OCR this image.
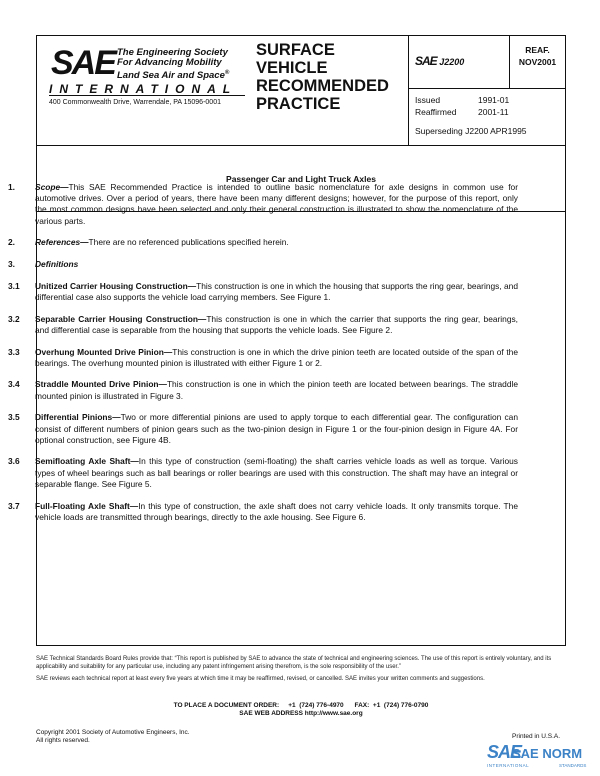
SAE The Engineering Society
For Advancing Mobility
Land Sea Air and Space®
INTERNATIONAL
400 Commonwealth Drive, Warrendale, PA 15096-0001
SURFACE
VEHICLE
RECOMMENDED
PRACTICE
SAE J2200
REAF.
NOV2001
Issued	1991-01
Reaffirmed	2001-11
Superseding J2200 APR1995
Passenger Car and Light Truck Axles
1. Scope—This SAE Recommended Practice is intended to outline basic nomenclature for axle designs in common use for automotive drives. Over a period of years, there have been many different designs; however, for the purpose of this report, only the most common designs have been selected and only their general construction is illustrated to show the nomenclature of the various parts.
2. References—There are no referenced publications specified herein.
3. Definitions
3.1 Unitized Carrier Housing Construction—This construction is one in which the housing that supports the ring gear, bearings, and differential case also supports the vehicle load carrying members. See Figure 1.
3.2 Separable Carrier Housing Construction—This construction is one in which the carrier that supports the ring gear, bearings, and differential case is separable from the housing that supports the vehicle loads. See Figure 2.
3.3 Overhung Mounted Drive Pinion—This construction is one in which the drive pinion teeth are located outside of the span of the bearings. The overhung mounted pinion is illustrated with either Figure 1 or 2.
3.4 Straddle Mounted Drive Pinion—This construction is one in which the pinion teeth are located between bearings. The straddle mounted pinion is illustrated in Figure 3.
3.5 Differential Pinions—Two or more differential pinions are used to apply torque to each differential gear. The configuration can consist of different numbers of pinion gears such as the two-pinion design in Figure 1 or the four-pinion design in Figure 4A. For optional construction, see Figure 4B.
3.6 Semifloating Axle Shaft—In this type of construction (semi-floating) the shaft carries vehicle loads as well as torque. Various types of wheel bearings such as ball bearings or roller bearings are used with this construction. The shaft may have an integral or separable flange. See Figure 5.
3.7 Full-Floating Axle Shaft—In this type of construction, the axle shaft does not carry vehicle loads. It only transmits torque. The vehicle loads are transmitted through bearings, directly to the axle housing. See Figure 6.

SAE Technical Standards Board Rules provide that: “This report is published by SAE to advance the state of technical and engineering sciences. The use of this report is entirely voluntary, and its applicability and suitability for any particular use, including any patent infringement arising therefrom, is the sole responsibility of the user.”

SAE reviews each technical report at least every five years at which time it may be reaffirmed, revised, or cancelled. SAE invites your written comments and suggestions.

TO PLACE A DOCUMENT ORDER:     +1  (724) 776-4970      FAX:  +1  (724) 776-0790
SAE WEB ADDRESS http://www.sae.org
Copyright 2001 Society of Automotive Engineers, Inc.
All rights reserved.
Printed in U.S.A.
SAE
SAE NORM
INTERNATIONAL	STANDARDS
